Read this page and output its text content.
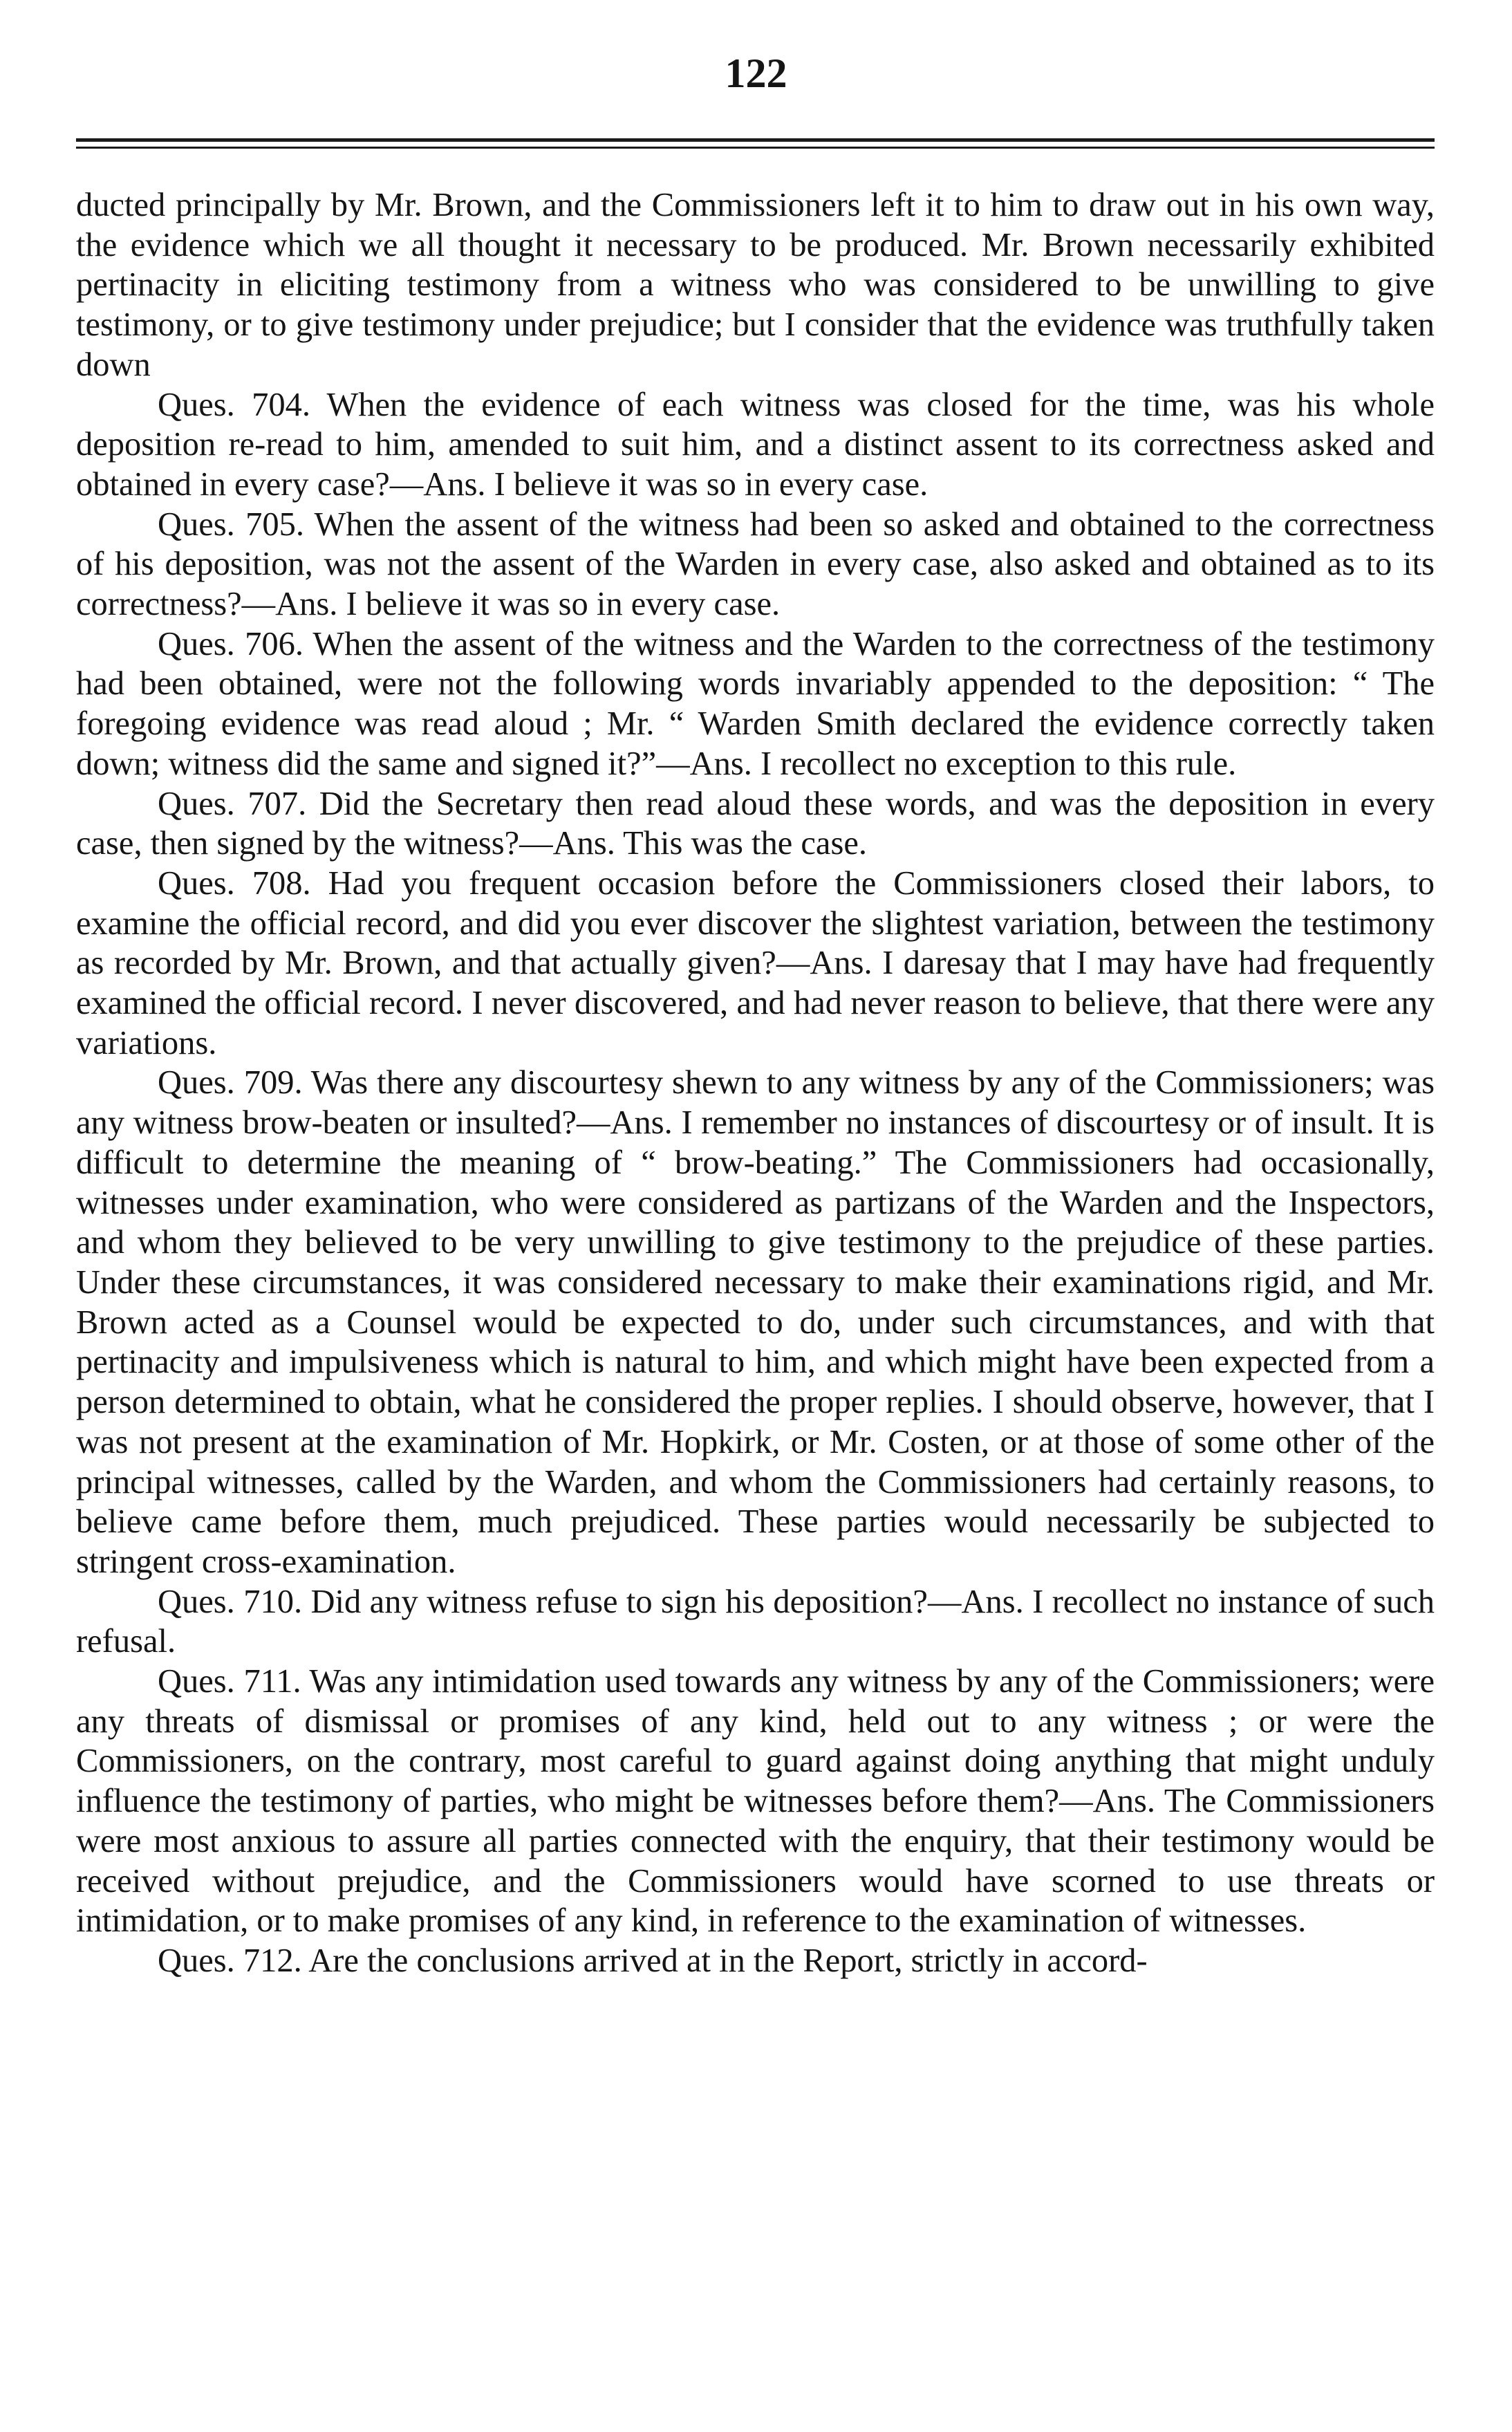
122

ducted principally by Mr. Brown, and the Commissioners left it to him to draw out in his own way, the evidence which we all thought it necessary to be produced. Mr. Brown necessarily exhibited pertinacity in eliciting testimony from a witness who was considered to be unwilling to give testimony, or to give testimony under prejudice; but I consider that the evidence was truthfully taken down

Ques. 704. When the evidence of each witness was closed for the time, was his whole deposition re-read to him, amended to suit him, and a distinct assent to its correctness asked and obtained in every case?—Ans. I believe it was so in every case.

Ques. 705. When the assent of the witness had been so asked and obtained to the correctness of his deposition, was not the assent of the Warden in every case, also asked and obtained as to its correctness?—Ans. I believe it was so in every case.

Ques. 706. When the assent of the witness and the Warden to the correctness of the testimony had been obtained, were not the following words invariably appended to the deposition: “ The foregoing evidence was read aloud ; Mr. “ Warden Smith declared the evidence correctly taken down; witness did the same and signed it?”—Ans. I recollect no exception to this rule.

Ques. 707. Did the Secretary then read aloud these words, and was the deposition in every case, then signed by the witness?—Ans. This was the case.

Ques. 708. Had you frequent occasion before the Commissioners closed their labors, to examine the official record, and did you ever discover the slightest variation, between the testimony as recorded by Mr. Brown, and that actually given?—Ans. I daresay that I may have had frequently examined the official record. I never discovered, and had never reason to believe, that there were any variations.

Ques. 709. Was there any discourtesy shewn to any witness by any of the Commissioners; was any witness brow-beaten or insulted?—Ans. I remember no instances of discourtesy or of insult. It is difficult to determine the meaning of “ brow-beating.” The Commissioners had occasionally, witnesses under examination, who were considered as partizans of the Warden and the Inspectors, and whom they believed to be very unwilling to give testimony to the prejudice of these parties. Under these circumstances, it was considered necessary to make their examinations rigid, and Mr. Brown acted as a Counsel would be expected to do, under such circumstances, and with that pertinacity and impulsiveness which is natural to him, and which might have been expected from a person determined to obtain, what he considered the proper replies. I should observe, however, that I was not present at the examination of Mr. Hopkirk, or Mr. Costen, or at those of some other of the principal witnesses, called by the Warden, and whom the Commissioners had certainly reasons, to believe came before them, much prejudiced. These parties would necessarily be subjected to stringent cross-examination.

Ques. 710. Did any witness refuse to sign his deposition?—Ans. I recollect no instance of such refusal.

Ques. 711. Was any intimidation used towards any witness by any of the Commissioners; were any threats of dismissal or promises of any kind, held out to any witness ; or were the Commissioners, on the contrary, most careful to guard against doing anything that might unduly influence the testimony of parties, who might be witnesses before them?—Ans. The Commissioners were most anxious to assure all parties connected with the enquiry, that their testimony would be received without prejudice, and the Commissioners would have scorned to use threats or intimidation, or to make promises of any kind, in reference to the examination of witnesses.

Ques. 712. Are the conclusions arrived at in the Report, strictly in accord-
